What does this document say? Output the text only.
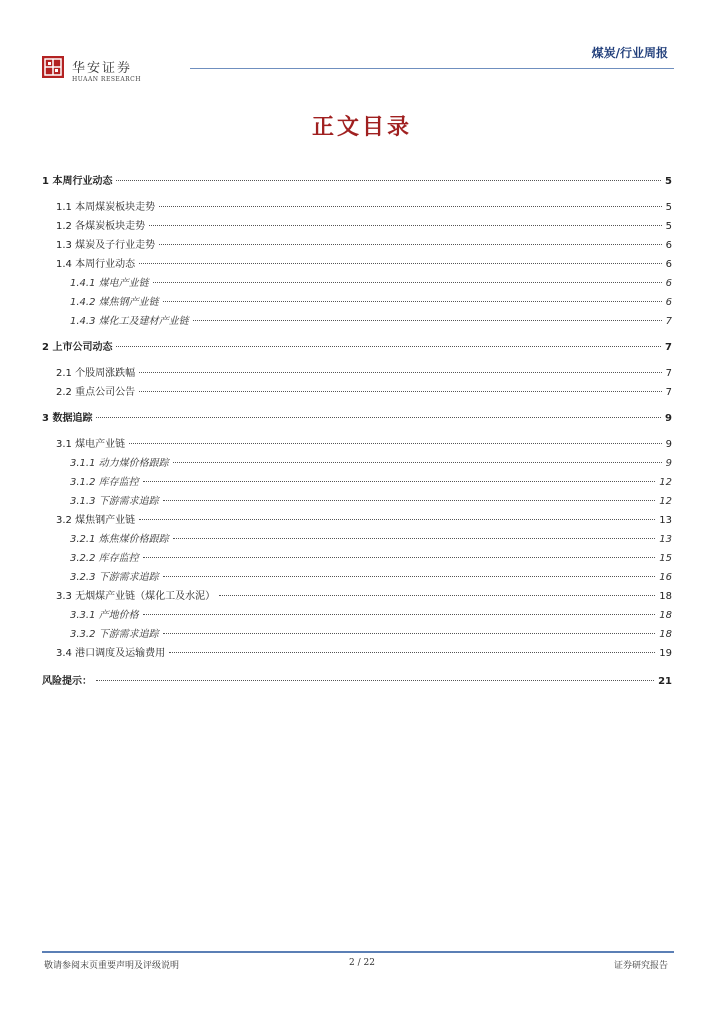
华安证券
HUAAN RESEARCH
煤炭/行业周报
正文目录
1 本周行业动态	5
1.1 本周煤炭板块走势	5
1.2 各煤炭板块走势	5
1.3 煤炭及子行业走势	6
1.4 本周行业动态	6
1.4.1 煤电产业链	6
1.4.2 煤焦钢产业链	6
1.4.3 煤化工及建材产业链	7
2 上市公司动态	7
2.1 个股周涨跌幅	7
2.2 重点公司公告	7
3 数据追踪	9
3.1 煤电产业链	9
3.1.1 动力煤价格跟踪	9
3.1.2 库存监控	12
3.1.3 下游需求追踪	12
3.2 煤焦钢产业链	13
3.2.1 炼焦煤价格跟踪	13
3.2.2 库存监控	15
3.2.3 下游需求追踪	16
3.3 无烟煤产业链（煤化工及水泥）	18
3.3.1 产地价格	18
3.3.2 下游需求追踪	18
3.4 港口调度及运输费用	19
风险提示：	21
敬请参阅末页重要声明及评级说明	2 / 22	证券研究报告
